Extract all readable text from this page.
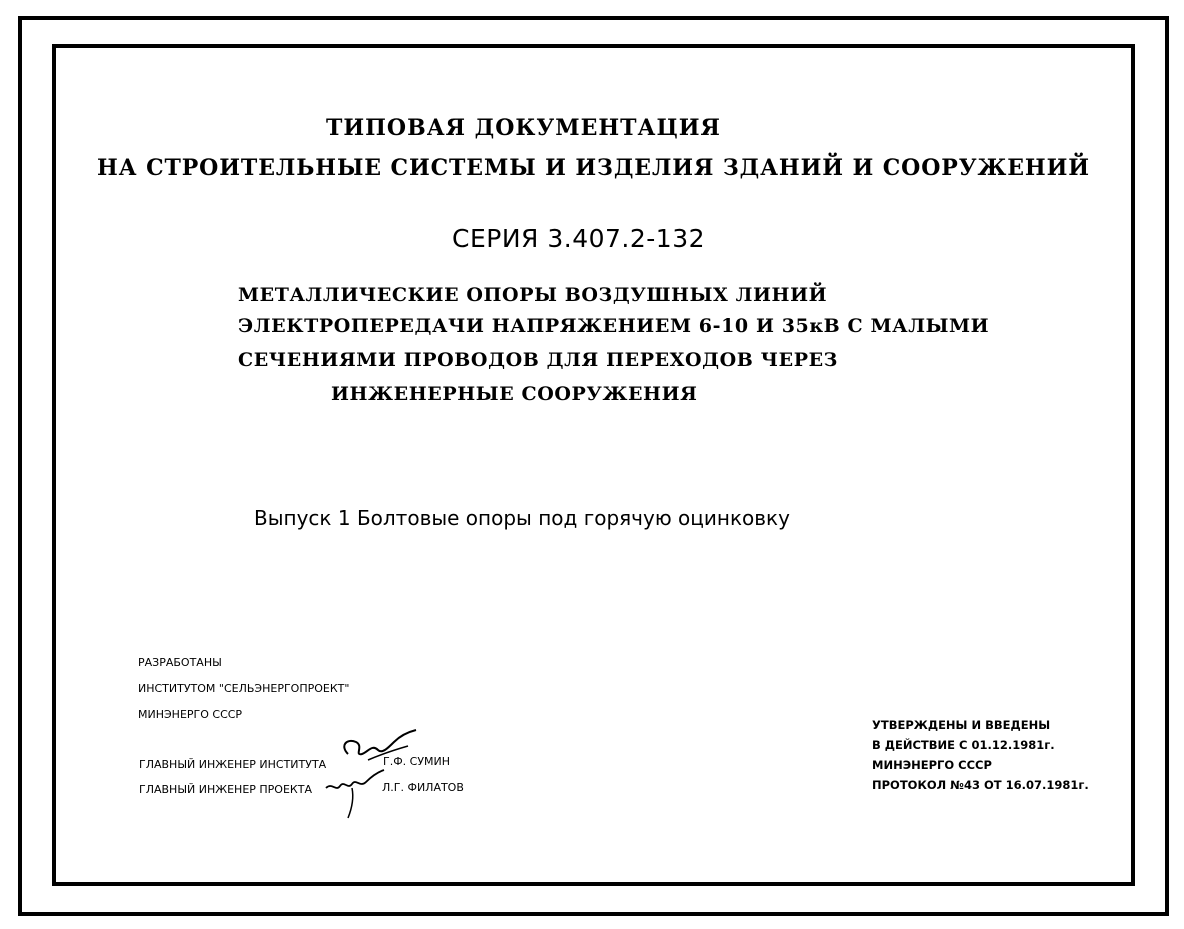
ТИПОВАЯ ДОКУМЕНТАЦИЯ
НА СТРОИТЕЛЬНЫЕ СИСТЕМЫ И ИЗДЕЛИЯ ЗДАНИЙ И СООРУЖЕНИЙ
СЕРИЯ 3.407.2-132
МЕТАЛЛИЧЕСКИЕ ОПОРЫ ВОЗДУШНЫХ ЛИНИЙ
ЭЛЕКТРОПЕРЕДАЧИ НАПРЯЖЕНИЕМ 6-10 И 35кВ С МАЛЫМИ
СЕЧЕНИЯМИ ПРОВОДОВ ДЛЯ ПЕРЕХОДОВ ЧЕРЕЗ
ИНЖЕНЕРНЫЕ СООРУЖЕНИЯ
Выпуск 1 Болтовые опоры под горячую оцинковку
РАЗРАБОТАНЫ
ИНСТИТУТОМ "СЕЛЬЭНЕРГОПРОЕКТ"
МИНЭНЕРГО СССР
ГЛАВНЫЙ ИНЖЕНЕР ИНСТИТУТА	Г.Ф. СУМИН
ГЛАВНЫЙ ИНЖЕНЕР ПРОЕКТА	Л.Г. ФИЛАТОВ
УТВЕРЖДЕНЫ И ВВЕДЕНЫ
В ДЕЙСТВИЕ С 01.12.1981г.
МИНЭНЕРГО СССР
ПРОТОКОЛ №43 ОТ 16.07.1981г.
